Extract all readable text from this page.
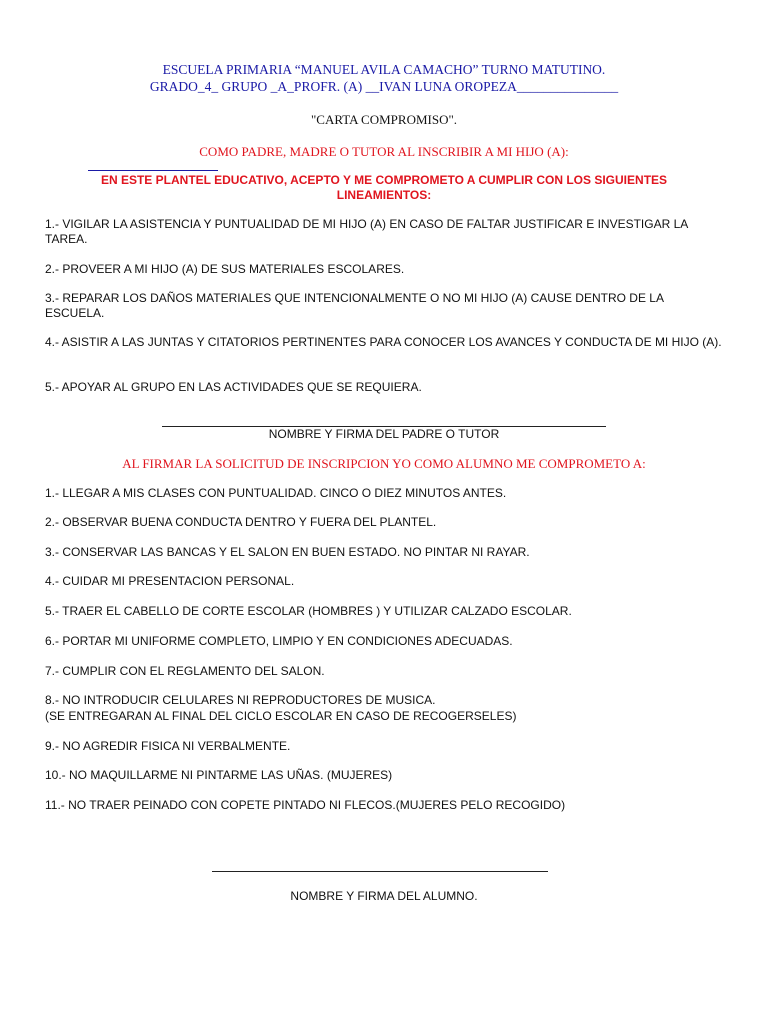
ESCUELA PRIMARIA “MANUEL AVILA CAMACHO” TURNO MATUTINO.
GRADO_4_ GRUPO _A_PROFR. (A) __IVAN LUNA OROPEZA_______________
"CARTA COMPROMISO".
COMO PADRE, MADRE O TUTOR AL INSCRIBIR A MI HIJO (A):
EN ESTE PLANTEL EDUCATIVO, ACEPTO Y ME COMPROMETO A CUMPLIR CON LOS SIGUIENTES LINEAMIENTOS:
1.- VIGILAR LA ASISTENCIA Y PUNTUALIDAD DE MI HIJO (A) EN CASO DE FALTAR JUSTIFICAR E INVESTIGAR LA TAREA.
2.- PROVEER A MI HIJO (A) DE SUS MATERIALES ESCOLARES.
3.- REPARAR LOS DAÑOS MATERIALES QUE INTENCIONALMENTE O NO MI HIJO (A) CAUSE DENTRO DE LA ESCUELA.
4.- ASISTIR A LAS JUNTAS Y CITATORIOS PERTINENTES PARA CONOCER LOS AVANCES Y CONDUCTA DE MI HIJO (A).
5.- APOYAR AL GRUPO EN LAS ACTIVIDADES QUE SE REQUIERA.
NOMBRE Y FIRMA DEL PADRE O TUTOR
AL FIRMAR LA SOLICITUD DE INSCRIPCION YO COMO ALUMNO ME COMPROMETO A:
1.- LLEGAR A MIS CLASES CON PUNTUALIDAD. CINCO O DIEZ MINUTOS ANTES.
2.- OBSERVAR BUENA CONDUCTA DENTRO Y FUERA DEL PLANTEL.
3.- CONSERVAR LAS BANCAS Y EL SALON EN BUEN ESTADO. NO PINTAR NI RAYAR.
4.- CUIDAR MI PRESENTACION PERSONAL.
5.- TRAER EL CABELLO DE CORTE ESCOLAR (HOMBRES ) Y UTILIZAR CALZADO ESCOLAR.
6.- PORTAR MI UNIFORME COMPLETO, LIMPIO Y EN CONDICIONES ADECUADAS.
7.- CUMPLIR CON EL REGLAMENTO DEL SALON.
8.- NO INTRODUCIR CELULARES NI REPRODUCTORES DE MUSICA.
(SE ENTREGARAN AL FINAL DEL CICLO ESCOLAR EN CASO DE RECOGERSELES)
9.- NO AGREDIR FISICA NI VERBALMENTE.
10.- NO MAQUILLARME NI PINTARME LAS UÑAS. (MUJERES)
11.- NO TRAER PEINADO CON COPETE PINTADO NI FLECOS.(MUJERES PELO RECOGIDO)
NOMBRE Y FIRMA DEL ALUMNO.
